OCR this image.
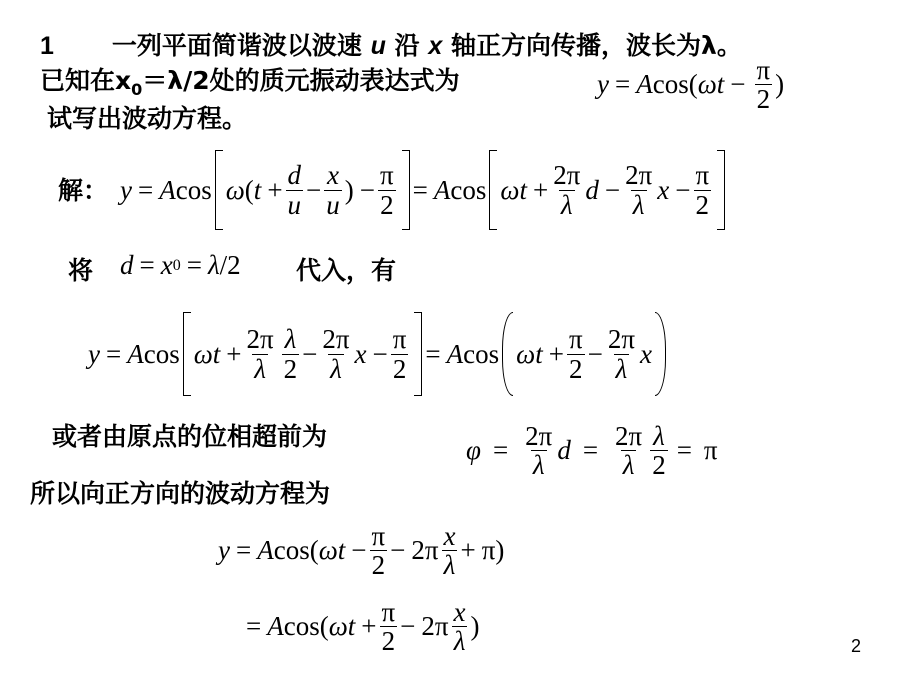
1 一列平面简谐波以波速 u 沿 x 轴正方向传播，波长为λ。
已知在$x_0=\lambda/2$处的质元振动表达式为	y = A cos( $\omega t - \frac{\pi}{2}$ )
试写出波动方程。
解： y = A cos ω ( $t + \frac{d}{u} - \frac{x}{u}$ ) − $\frac{\pi}{2} = A$ $\cos \omega t + \frac{2\pi}{\lambda}$ $d - \frac{2\pi}{\lambda}$ $x - \frac{\pi}{2}$
将 d = x 0 = λ /2 代入，有
y = A $\cos \omega t + \frac{2\pi}{\lambda} \frac{\lambda}{2} - \frac{2\pi}{\lambda}$ $x - \frac{\pi}{2} = A$ $\cos \omega t + \frac{\pi}{2} - \frac{2\pi}{\lambda}$ x
或者由原点的位相超前为	$\varphi = \frac{2\pi}{\lambda}$ $d = \frac{2\pi}{\lambda} \frac{\lambda}{2} = \pi$
所以向正方向的波动方程为
y = A cos( $\omega t - \frac{\pi}{2} - 2\pi \frac{x}{\lambda} + \pi$)
= A cos( $\omega t + \frac{\pi}{2} - 2\pi \frac{x}{\lambda}$ )
2
